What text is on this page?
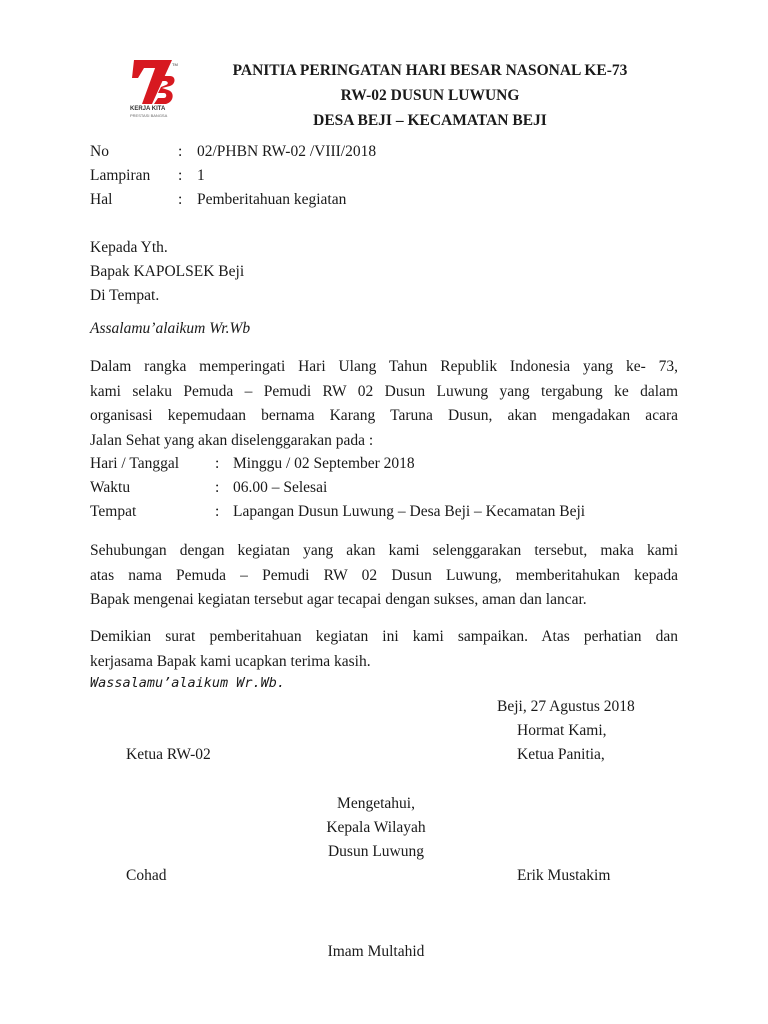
TM
KERJA KITA
PRESTASI BANGSA
PANITIA PERINGATAN HARI BESAR NASONAL KE-73
RW-02 DUSUN LUWUNG
DESA BEJI – KECAMATAN BEJI
No	: 02/PHBN RW-02 /VIII/2018
Lampiran : 1
Hal	: Pemberitahuan kegiatan
Kepada Yth.
Bapak KAPOLSEK Beji
Di Tempat.
Assalamu’alaikum Wr.Wb
Dalam rangka memperingati Hari Ulang Tahun Republik Indonesia yang ke- 73,
kami selaku Pemuda – Pemudi RW 02 Dusun Luwung yang tergabung ke dalam
organisasi kepemudaan bernama Karang Taruna Dusun, akan mengadakan acara
Jalan Sehat yang akan diselenggarakan pada :
Hari / Tanggal : Minggu / 02 September 2018
Waktu	: 06.00 – Selesai
Tempat	: Lapangan Dusun Luwung – Desa Beji – Kecamatan Beji
Sehubungan dengan kegiatan yang akan kami selenggarakan tersebut, maka kami
atas nama Pemuda – Pemudi RW 02 Dusun Luwung, memberitahukan kepada
Bapak mengenai kegiatan tersebut agar tecapai dengan sukses, aman dan lancar.
Demikian surat pemberitahuan kegiatan ini kami sampaikan. Atas perhatian dan
kerjasama Bapak kami ucapkan terima kasih.
Wassalamu’alaikum Wr.Wb.
Beji, 27 Agustus 2018
Hormat Kami,
Ketua RW-02	Ketua Panitia,
Mengetahui,
Kepala Wilayah
Dusun Luwung
Cohad	Erik Mustakim
Imam Multahid
